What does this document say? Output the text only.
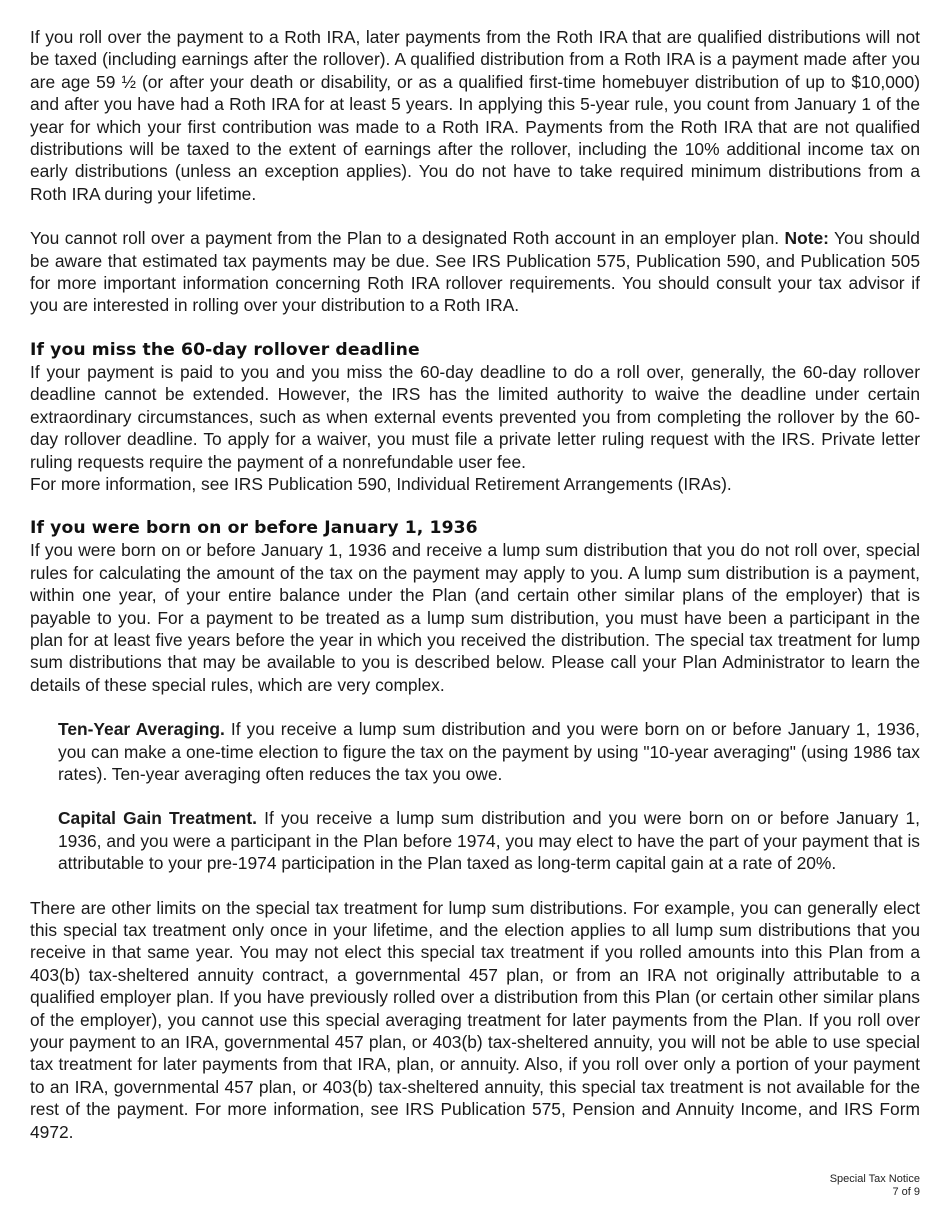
If you roll over the payment to a Roth IRA, later payments from the Roth IRA that are qualified distributions will not be taxed (including earnings after the rollover). A qualified distribution from a Roth IRA is a payment made after you are age 59 ½ (or after your death or disability, or as a qualified first-time homebuyer distribution of up to $10,000) and after you have had a Roth IRA for at least 5 years. In applying this 5-year rule, you count from January 1 of the year for which your first contribution was made to a Roth IRA. Payments from the Roth IRA that are not qualified distributions will be taxed to the extent of earnings after the rollover, including the 10% additional income tax on early distributions (unless an exception applies). You do not have to take required minimum distributions from a Roth IRA during your lifetime.

You cannot roll over a payment from the Plan to a designated Roth account in an employer plan. Note: You should be aware that estimated tax payments may be due. See IRS Publication 575, Publication 590, and Publication 505 for more important information concerning Roth IRA rollover requirements. You should consult your tax advisor if you are interested in rolling over your distribution to a Roth IRA.

If you miss the 60-day rollover deadline

If your payment is paid to you and you miss the 60-day deadline to do a roll over, generally, the 60-day rollover deadline cannot be extended. However, the IRS has the limited authority to waive the deadline under certain extraordinary circumstances, such as when external events prevented you from completing the rollover by the 60-day rollover deadline. To apply for a waiver, you must file a private letter ruling request with the IRS. Private letter ruling requests require the payment of a nonrefundable user fee.

For more information, see IRS Publication 590, Individual Retirement Arrangements (IRAs).

If you were born on or before January 1, 1936

If you were born on or before January 1, 1936 and receive a lump sum distribution that you do not roll over, special rules for calculating the amount of the tax on the payment may apply to you. A lump sum distribution is a payment, within one year, of your entire balance under the Plan (and certain other similar plans of the employer) that is payable to you. For a payment to be treated as a lump sum distribution, you must have been a participant in the plan for at least five years before the year in which you received the distribution. The special tax treatment for lump sum distributions that may be available to you is described below. Please call your Plan Administrator to learn the details of these special rules, which are very complex.

Ten-Year Averaging. If you receive a lump sum distribution and you were born on or before January 1, 1936, you can make a one-time election to figure the tax on the payment by using "10-year averaging" (using 1986 tax rates). Ten-year averaging often reduces the tax you owe.

Capital Gain Treatment. If you receive a lump sum distribution and you were born on or before January 1, 1936, and you were a participant in the Plan before 1974, you may elect to have the part of your payment that is attributable to your pre-1974 participation in the Plan taxed as long-term capital gain at a rate of 20%.

There are other limits on the special tax treatment for lump sum distributions. For example, you can generally elect this special tax treatment only once in your lifetime, and the election applies to all lump sum distributions that you receive in that same year. You may not elect this special tax treatment if you rolled amounts into this Plan from a 403(b) tax-sheltered annuity contract, a governmental 457 plan, or from an IRA not originally attributable to a qualified employer plan. If you have previously rolled over a distribution from this Plan (or certain other similar plans of the employer), you cannot use this special averaging treatment for later payments from the Plan. If you roll over your payment to an IRA, governmental 457 plan, or 403(b) tax-sheltered annuity, you will not be able to use special tax treatment for later payments from that IRA, plan, or annuity. Also, if you roll over only a portion of your payment to an IRA, governmental 457 plan, or 403(b) tax-sheltered annuity, this special tax treatment is not available for the rest of the payment. For more information, see IRS Publication 575, Pension and Annuity Income, and IRS Form 4972.

Special Tax Notice
7 of 9
